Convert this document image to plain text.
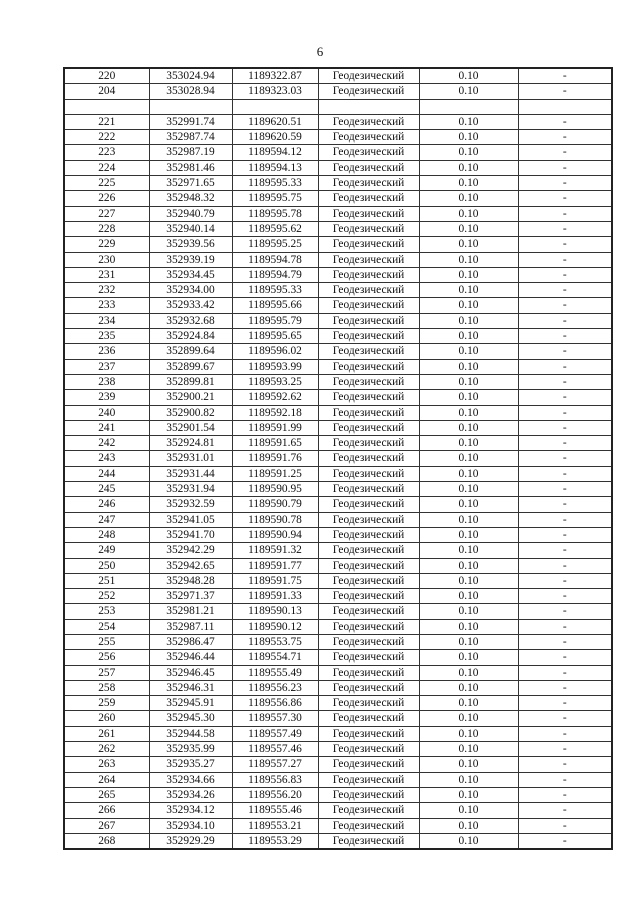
6
220	353024.94	1189322.87	Геодезический	0.10	-
204	353028.94	1189323.03	Геодезический	0.10	-

221	352991.74	1189620.51	Геодезический	0.10	-
222	352987.74	1189620.59	Геодезический	0.10	-
223	352987.19	1189594.12	Геодезический	0.10	-
224	352981.46	1189594.13	Геодезический	0.10	-
225	352971.65	1189595.33	Геодезический	0.10	-
226	352948.32	1189595.75	Геодезический	0.10	-
227	352940.79	1189595.78	Геодезический	0.10	-
228	352940.14	1189595.62	Геодезический	0.10	-
229	352939.56	1189595.25	Геодезический	0.10	-
230	352939.19	1189594.78	Геодезический	0.10	-
231	352934.45	1189594.79	Геодезический	0.10	-
232	352934.00	1189595.33	Геодезический	0.10	-
233	352933.42	1189595.66	Геодезический	0.10	-
234	352932.68	1189595.79	Геодезический	0.10	-
235	352924.84	1189595.65	Геодезический	0.10	-
236	352899.64	1189596.02	Геодезический	0.10	-
237	352899.67	1189593.99	Геодезический	0.10	-
238	352899.81	1189593.25	Геодезический	0.10	-
239	352900.21	1189592.62	Геодезический	0.10	-
240	352900.82	1189592.18	Геодезический	0.10	-
241	352901.54	1189591.99	Геодезический	0.10	-
242	352924.81	1189591.65	Геодезический	0.10	-
243	352931.01	1189591.76	Геодезический	0.10	-
244	352931.44	1189591.25	Геодезический	0.10	-
245	352931.94	1189590.95	Геодезический	0.10	-
246	352932.59	1189590.79	Геодезический	0.10	-
247	352941.05	1189590.78	Геодезический	0.10	-
248	352941.70	1189590.94	Геодезический	0.10	-
249	352942.29	1189591.32	Геодезический	0.10	-
250	352942.65	1189591.77	Геодезический	0.10	-
251	352948.28	1189591.75	Геодезический	0.10	-
252	352971.37	1189591.33	Геодезический	0.10	-
253	352981.21	1189590.13	Геодезический	0.10	-
254	352987.11	1189590.12	Геодезический	0.10	-
255	352986.47	1189553.75	Геодезический	0.10	-
256	352946.44	1189554.71	Геодезический	0.10	-
257	352946.45	1189555.49	Геодезический	0.10	-
258	352946.31	1189556.23	Геодезический	0.10	-
259	352945.91	1189556.86	Геодезический	0.10	-
260	352945.30	1189557.30	Геодезический	0.10	-
261	352944.58	1189557.49	Геодезический	0.10	-
262	352935.99	1189557.46	Геодезический	0.10	-
263	352935.27	1189557.27	Геодезический	0.10	-
264	352934.66	1189556.83	Геодезический	0.10	-
265	352934.26	1189556.20	Геодезический	0.10	-
266	352934.12	1189555.46	Геодезический	0.10	-
267	352934.10	1189553.21	Геодезический	0.10	-
268	352929.29	1189553.29	Геодезический	0.10	-
